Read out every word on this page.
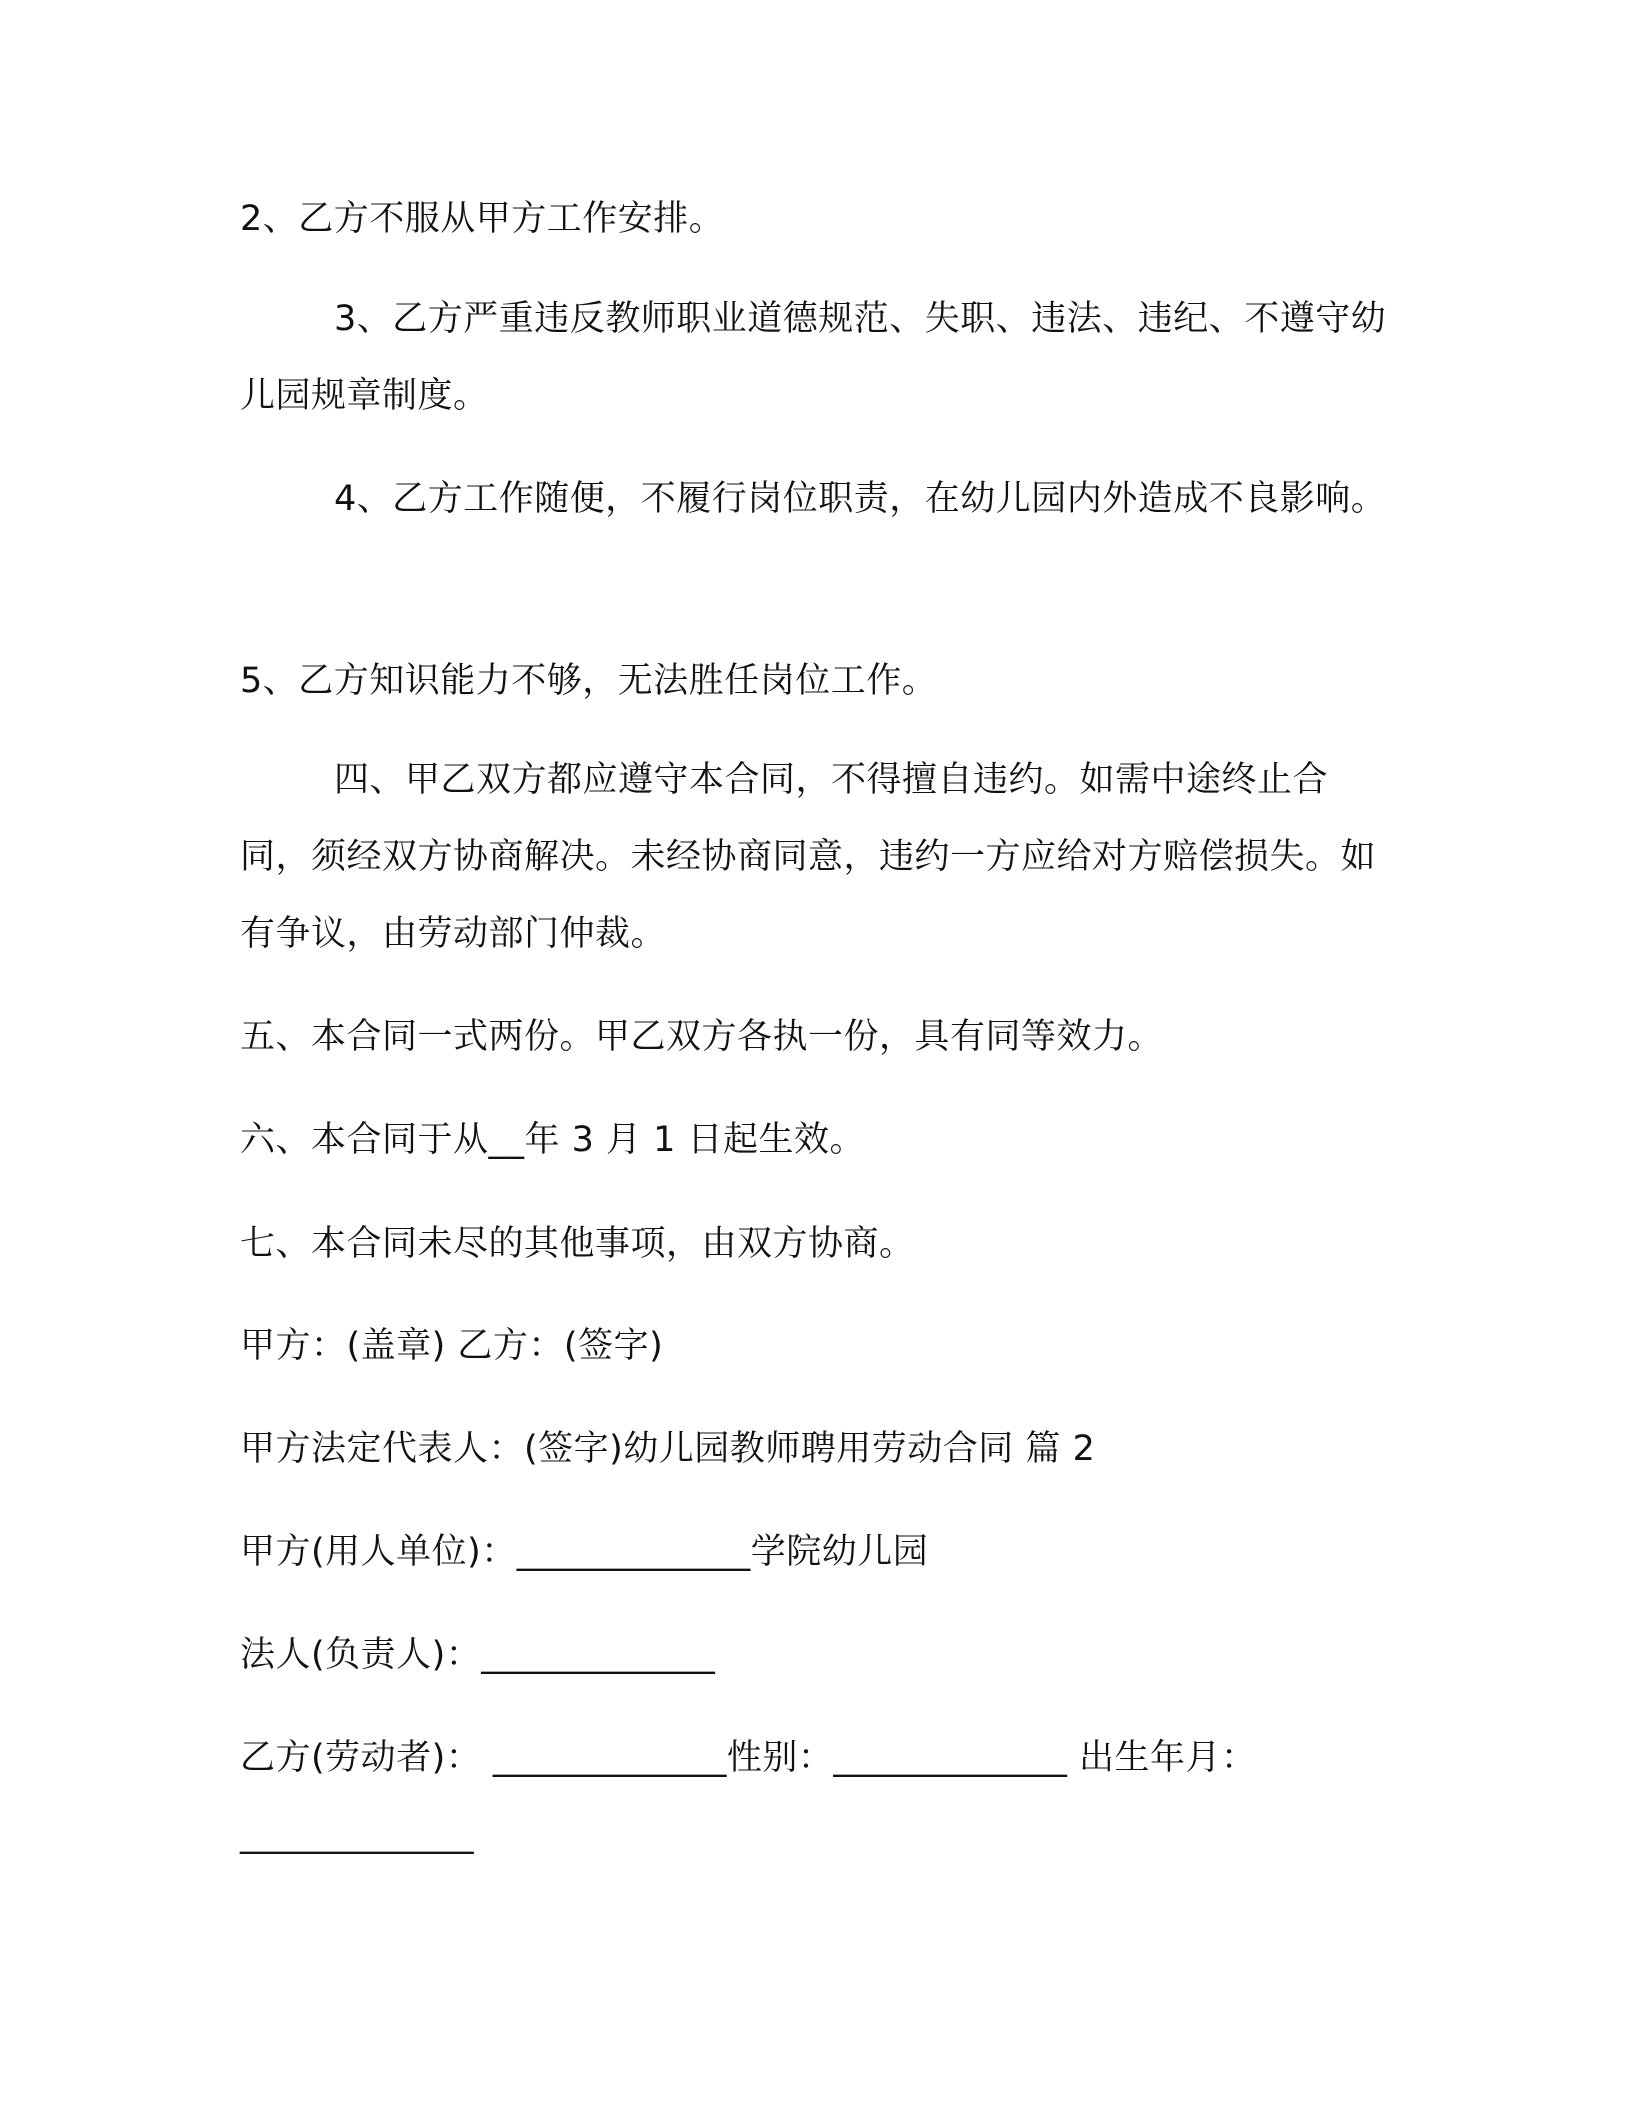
2、乙方不服从甲方工作安排。

3、乙方严重违反教师职业道德规范、失职、违法、违纪、不遵守幼儿园规章制度。

4、乙方工作随便，不履行岗位职责，在幼儿园内外造成不良影响。

5、乙方知识能力不够，无法胜任岗位工作。

四、甲乙双方都应遵守本合同，不得擅自违约。如需中途终止合同，须经双方协商解决。未经协商同意，违约一方应给对方赔偿损失。如有争议，由劳动部门仲裁。

五、本合同一式两份。甲乙双方各执一份，具有同等效力。

六、本合同于从__年 3 月 1 日起生效。

七、本合同未尽的其他事项，由双方协商。

甲方：(盖章) 乙方：(签字)

甲方法定代表人：(签字)幼儿园教师聘用劳动合同 篇 2

甲方(用人单位)：_____________学院幼儿园

法人(负责人)：_____________

乙方(劳动者)： _____________性别：_____________ 出生年月：

_____________
